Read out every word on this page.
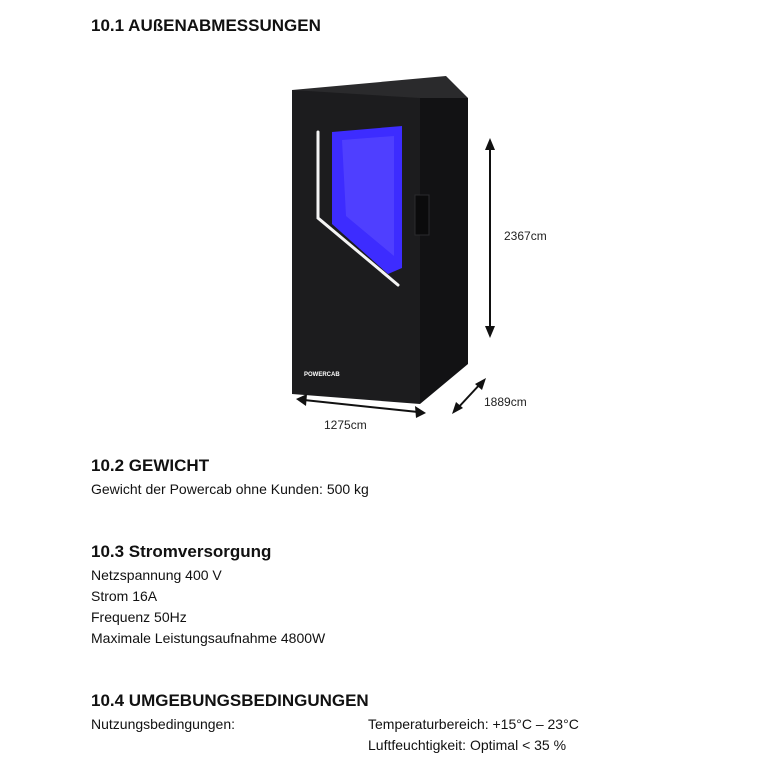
10.1 AUßENABMESSUNGEN
POWERCAB
2367cm
1889cm
1275cm
10.2 GEWICHT

Gewicht der Powercab ohne Kunden: 500 kg

10.3 Stromversorgung

Netzspannung 400 V

Strom 16A

Frequenz 50Hz

Maximale Leistungsaufnahme 4800W

10.4 UMGEBUNGSBEDINGUNGEN

Nutzungsbedingungen:	Temperaturbereich: +15°C – 23°C

Luftfeuchtigkeit: Optimal < 35 %
